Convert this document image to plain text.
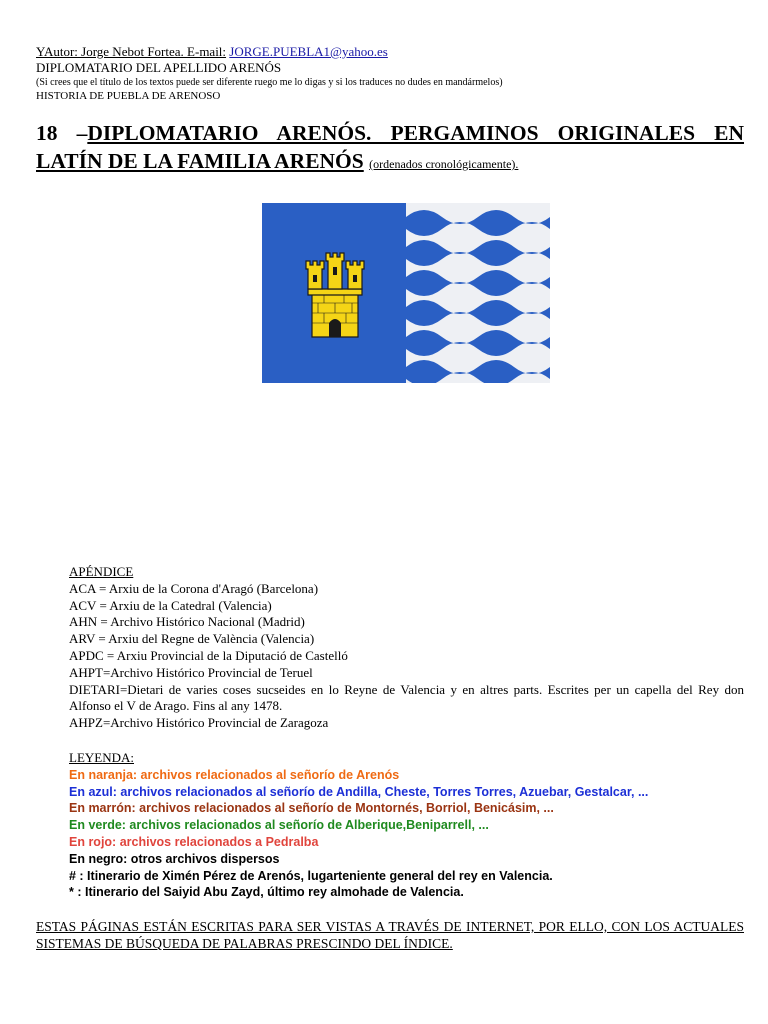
YAutor: Jorge Nebot Fortea. E-mail: JORGE.PUEBLA1@yahoo.es
DIPLOMATARIO DEL APELLIDO ARENÓS
(Si crees que el título de los textos puede ser diferente ruego me lo digas y si los traduces no dudes en mandármelos)
HISTORIA DE PUEBLA DE ARENOSO
18 –DIPLOMATARIO ARENÓS. PERGAMINOS ORIGINALES EN LATÍN DE LA FAMILIA ARENÓS (ordenados cronológicamente).
APÉNDICE
ACA = Arxiu de la Corona d'Aragó (Barcelona)
ACV = Arxiu de la Catedral (Valencia)
AHN = Archivo Histórico Nacional (Madrid)
ARV = Arxiu del Regne de València (Valencia)
APDC = Arxiu Provincial de la Diputació de Castelló
AHPT=Archivo Histórico Provincial de Teruel
DIETARI=Dietari de varies coses sucseides en lo Reyne de Valencia y en altres parts. Escrites per un capella del Rey don Alfonso el V de Arago. Fins al any 1478.
AHPZ=Archivo Histórico Provincial de Zaragoza
LEYENDA:
En naranja: archivos relacionados al señorío de Arenós
En azul: archivos relacionados al señorío de Andilla, Cheste, Torres Torres, Azuebar, Gestalcar, ...
En marrón: archivos relacionados al señorío de Montornés, Borriol, Benicásim, ...
En verde: archivos relacionados al señorío de Alberique,Beniparrell, ...
En rojo: archivos relacionados a Pedralba
En negro: otros archivos dispersos
# : Itinerario de Ximén Pérez de Arenós, lugarteniente general del rey en Valencia.
* : Itinerario del Saiyid Abu Zayd, último rey almohade de Valencia.
ESTAS PÁGINAS ESTÁN ESCRITAS PARA SER VISTAS A TRAVÉS DE INTERNET, POR ELLO, CON LOS ACTUALES SISTEMAS DE BÚSQUEDA DE PALABRAS PRESCINDO DEL ÍNDICE.
